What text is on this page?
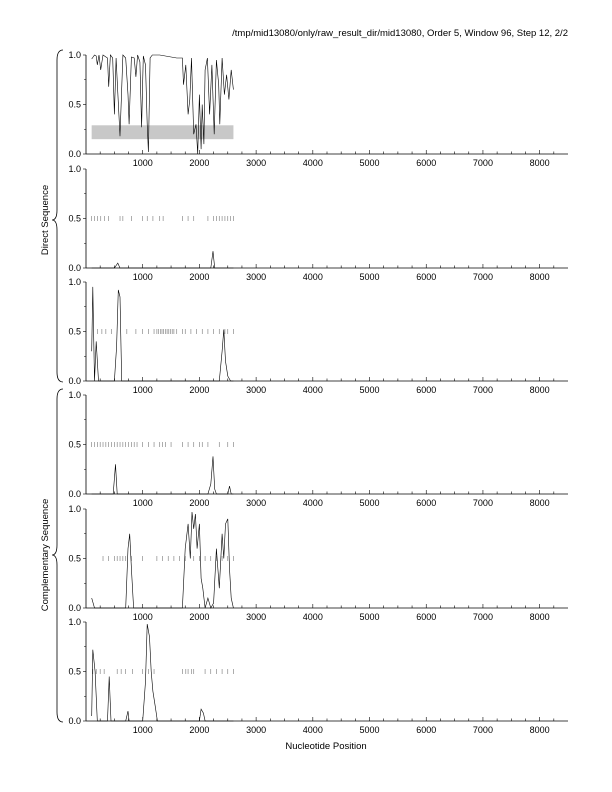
/tmp/mid13080/only/raw_result_dir/mid13080, Order 5, Window 96, Step 12, 2/2
Direct Sequence
Complementary Sequence
1000	2000	3000	4000	5000	6000	7000	8000
0.0
0.5
1.0
1000	2000	3000	4000	5000	6000	7000	8000
0.0
0.5
1.0
1000	2000	3000	4000	5000	6000	7000	8000
0.0
0.5
1.0
1000	2000	3000	4000	5000	6000	7000	8000
0.0
0.5
1.0
1000	2000	3000	4000	5000	6000	7000	8000
0.0
0.5
1.0
1000	2000	3000	4000	5000	6000	7000	8000
0.0
0.5
1.0
Nucleotide Position
